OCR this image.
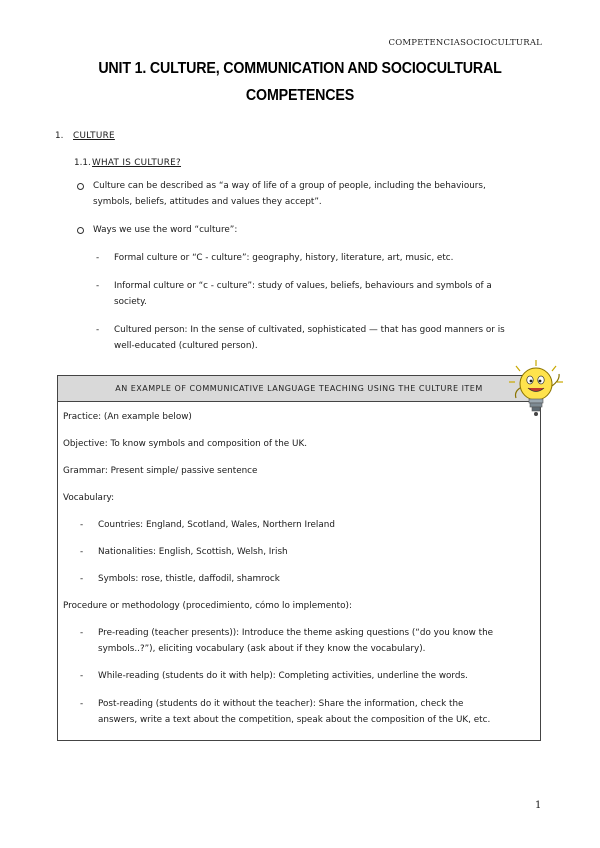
COMPETENCIASOCIOCULTURAL
UNIT 1. CULTURE, COMMUNICATION AND SOCIOCULTURAL
COMPETENCES
1. CULTURE
1.1. WHAT IS CULTURE?
Culture can be described as “a way of life of a group of people, including the behaviours,
symbols, beliefs, attitudes and values they accept”.
Ways we use the word “culture”:
- Formal culture or “C - culture”: geography, history, literature, art, music, etc.
- Informal culture or “c - culture”: study of values, beliefs, behaviours and symbols of a
society.
- Cultured person: In the sense of cultivated, sophisticated — that has good manners or is
well-educated (cultured person).
AN EXAMPLE OF COMMUNICATIVE LANGUAGE TEACHING USING THE CULTURE ITEM
Practice: (An example below)
Objective: To know symbols and composition of the UK.
Grammar: Present simple/ passive sentence
Vocabulary:
- Countries: England, Scotland, Wales, Northern Ireland
- Nationalities: English, Scottish, Welsh, Irish
- Symbols: rose, thistle, daffodil, shamrock
Procedure or methodology (procedimiento, cómo lo implemento):
- Pre-reading (teacher presents)): Introduce the theme asking questions (“do you know the
symbols..?”), eliciting vocabulary (ask about if they know the vocabulary).
- While-reading (students do it with help): Completing activities, underline the words.
- Post-reading (students do it without the teacher): Share the information, check the
answers, write a text about the competition, speak about the composition of the UK, etc.
1
